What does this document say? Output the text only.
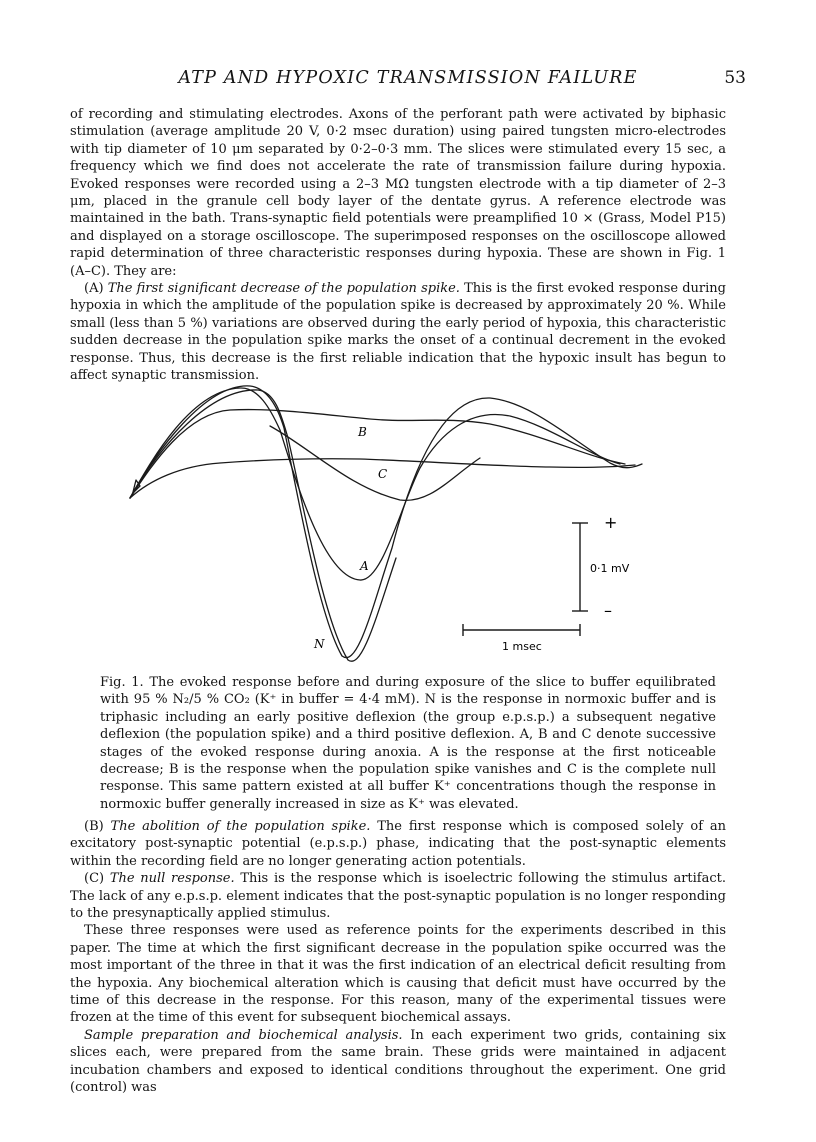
ATP AND HYPOXIC TRANSMISSION FAILURE	53

of recording and stimulating electrodes. Axons of the perforant path were activated by biphasic stimulation (average amplitude 20 V, 0·2 msec duration) using paired tungsten micro-electrodes with tip diameter of 10 μm separated by 0·2–0·3 mm. The slices were stimulated every 15 sec, a frequency which we find does not accelerate the rate of transmission failure during hypoxia. Evoked responses were recorded using a 2–3 MΩ tungsten electrode with a tip diameter of 2–3 μm, placed in the granule cell body layer of the dentate gyrus. A reference electrode was maintained in the bath. Trans-synaptic field potentials were preamplified 10 × (Grass, Model P15) and displayed on a storage oscilloscope. The superimposed responses on the oscilloscope allowed rapid determination of three characteristic responses during hypoxia. These are shown in Fig. 1 (A–C). They are:

(A) The first significant decrease of the population spike. This is the first evoked response during hypoxia in which the amplitude of the population spike is decreased by approximately 20 %. While small (less than 5 %) variations are observed during the early period of hypoxia, this characteristic sudden decrease in the population spike marks the onset of a continual decrement in the evoked response. Thus, this decrease is the first reliable indication that the hypoxic insult has begun to affect synaptic transmission.

B
C
A
N
+
–
0·1 mV
1 msec

Fig. 1. The evoked response before and during exposure of the slice to buffer equilibrated with 95 % N₂/5 % CO₂ (K⁺ in buffer = 4·4 mM). N is the response in normoxic buffer and is triphasic including an early positive deflexion (the group e.p.s.p.) a subsequent negative deflexion (the population spike) and a third positive deflexion. A, B and C denote successive stages of the evoked response during anoxia. A is the response at the first noticeable decrease; B is the response when the population spike vanishes and C is the complete null response. This same pattern existed at all buffer K⁺ concentrations though the response in normoxic buffer generally increased in size as K⁺ was elevated.

(B) The abolition of the population spike. The first response which is composed solely of an excitatory post-synaptic potential (e.p.s.p.) phase, indicating that the post-synaptic elements within the recording field are no longer generating action potentials.

(C) The null response. This is the response which is isoelectric following the stimulus artifact. The lack of any e.p.s.p. element indicates that the post-synaptic population is no longer responding to the presynaptically applied stimulus.

These three responses were used as reference points for the experiments described in this paper. The time at which the first significant decrease in the population spike occurred was the most important of the three in that it was the first indication of an electrical deficit resulting from the hypoxia. Any biochemical alteration which is causing that deficit must have occurred by the time of this decrease in the response. For this reason, many of the experimental tissues were frozen at the time of this event for subsequent biochemical assays.

Sample preparation and biochemical analysis. In each experiment two grids, containing six slices each, were prepared from the same brain. These grids were maintained in adjacent incubation chambers and exposed to identical conditions throughout the experiment. One grid (control) was
